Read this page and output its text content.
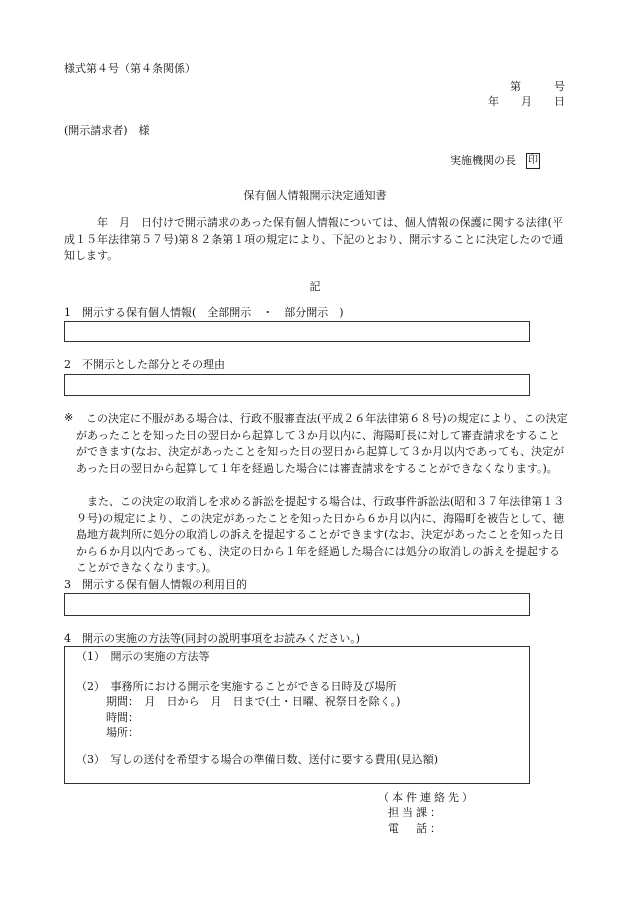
様式第４号（第４条関係）
第　　　号
年　　月　　日
(開示請求者)　様
実施機関の長 印
保有個人情報開示決定通知書
　　　年　月　日付けで開示請求のあった保有個人情報については、個人情報の保護に関する法律(平成１５年法律第５７号)第８２条第１項の規定により、下記のとおり、開示することに決定したので通知します。
記
1　開示する保有個人情報(　全部開示　・　部分開示　)
2　不開示とした部分とその理由
※	この決定に不服がある場合は、行政不服審査法(平成２６年法律第６８号)の規定により、この決定があったことを知った日の翌日から起算して３か月以内に、海陽町長に対して審査請求をすることができます(なお、決定があったことを知った日の翌日から起算して３か月以内であっても、決定があった日の翌日から起算して１年を経過した場合には審査請求をすることができなくなります。)。
　また、この決定の取消しを求める訴訟を提起する場合は、行政事件訴訟法(昭和３７年法律第１３９号)の規定により、この決定があったことを知った日から６か月以内に、海陽町を被告として、徳島地方裁判所に処分の取消しの訴えを提起することができます(なお、決定があったことを知った日から６か月以内であっても、決定の日から１年を経過した場合には処分の取消しの訴えを提起することができなくなります。)。
3　開示する保有個人情報の利用目的
4　開示の実施の方法等(同封の説明事項をお読みください。)
（1）　開示の実施の方法等
（2）　事務所における開示を実施することができる日時及び場所
期間：　月　日から　月　日まで(土・日曜、祝祭日を除く。)
時間：
場所：
（3）　写しの送付を希望する場合の準備日数、送付に要する費用(見込額)
（本件連絡先）
担当課：
電　話：
